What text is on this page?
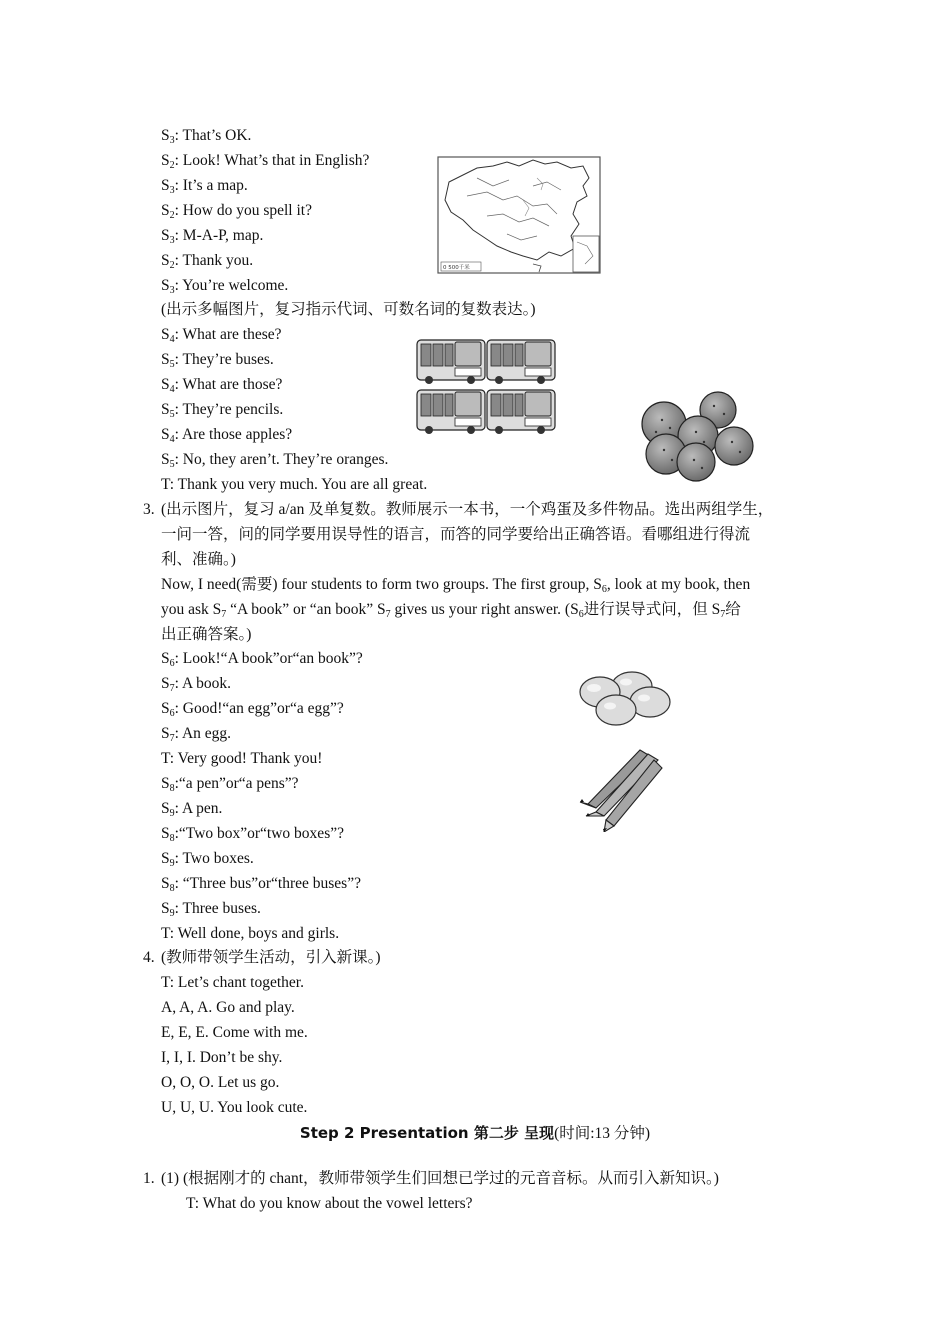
$S_3$: That’s OK.
$S_2$: Look! What’s that in English?
$S_3$: It’s a map.
$S_2$: How do you spell it?
$S_3$: M-A-P, map.
$S_2$: Thank you.
$S_3$: You’re welcome.
0 500千米
(出示多幅图片，复习指示代词、可数名词的复数表达。)
$S_4$: What are these?
$S_5$: They’re buses.
$S_4$: What are those?
$S_5$: They’re pencils.
$S_4$: Are those apples?
$S_5$: No, they aren’t. They’re oranges.
T: Thank you very much. You are all great.
3. (出示图片，复习 a/an 及单复数。教师展示一本书，一个鸡蛋及多件物品。选出两组学生，
一问一答，问的同学要用误导性的语言，而答的同学要给出正确答语。看哪组进行得流
利、准确。)
Now, I need(需要) four students to form two groups. The first group, $S_6$, look at my book, then
you ask $S_7$ “A book” or “an book” $S_7$ gives us your right answer. ($S_6$进行误导式问，但 $S_7$给
出正确答案。)
$S_6$: Look!“A book”or“an book”?
$S_7$: A book.
$S_6$: Good!“an egg”or“a egg”?
$S_7$: An egg.
T: Very good! Thank you!
$S_8:“a$ pen”or“a pens”?
$S_9$: A pen.
$S_8:“Two$ box”or“two boxes”?
$S_9$: Two boxes.
$S_8$: “Three bus”or“three buses”?
$S_9$: Three buses.
T: Well done, boys and girls.
4. (教师带领学生活动，引入新课。)
T: Let’s chant together.
A, A, A. Go and play.
E, E, E. Come with me.
I, I, I. Don’t be shy.
O, O, O. Let us go.
U, U, U. You look cute.
Step 2 Presentation 第二步 呈现(时间:13 分钟)
1. (1) (根据刚才的 chant，教师带领学生们回想已学过的元音音标。从而引入新知识。)
T: What do you know about the vowel letters?
